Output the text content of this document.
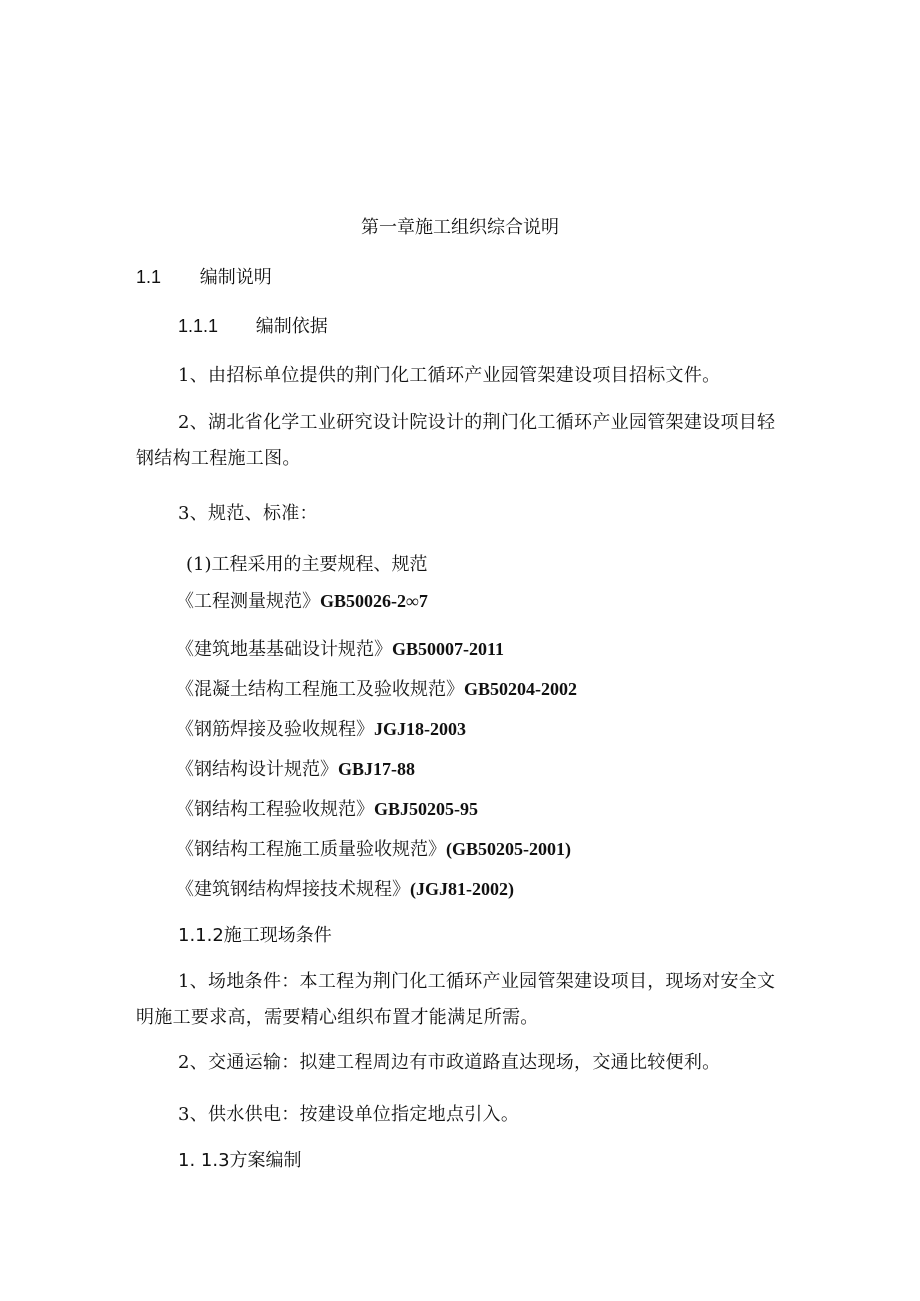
第一章施工组织综合说明
1.1 编制说明
1.1.1 编制依据
1、由招标单位提供的荆门化工循环产业园管架建设项目招标文件。
2、湖北省化学工业研究设计院设计的荆门化工循环产业园管架建设项目轻钢结构工程施工图。
3、规范、标准：
(1)工程采用的主要规程、规范
《工程测量规范》GB50026-2∞7
《建筑地基基础设计规范》GB50007-2011
《混凝土结构工程施工及验收规范》GB50204-2002
《钢筋焊接及验收规程》JGJ18-2003
《钢结构设计规范》GBJ17-88
《钢结构工程验收规范》GBJ50205-95
《钢结构工程施工质量验收规范》(GB50205-2001)
《建筑钢结构焊接技术规程》(JGJ81-2002)
1.1.2施工现场条件
1、场地条件：本工程为荆门化工循环产业园管架建设项目，现场对安全文明施工要求高，需要精心组织布置才能满足所需。
2、交通运输：拟建工程周边有市政道路直达现场，交通比较便利。
3、供水供电：按建设单位指定地点引入。
1. 1.3方案编制
